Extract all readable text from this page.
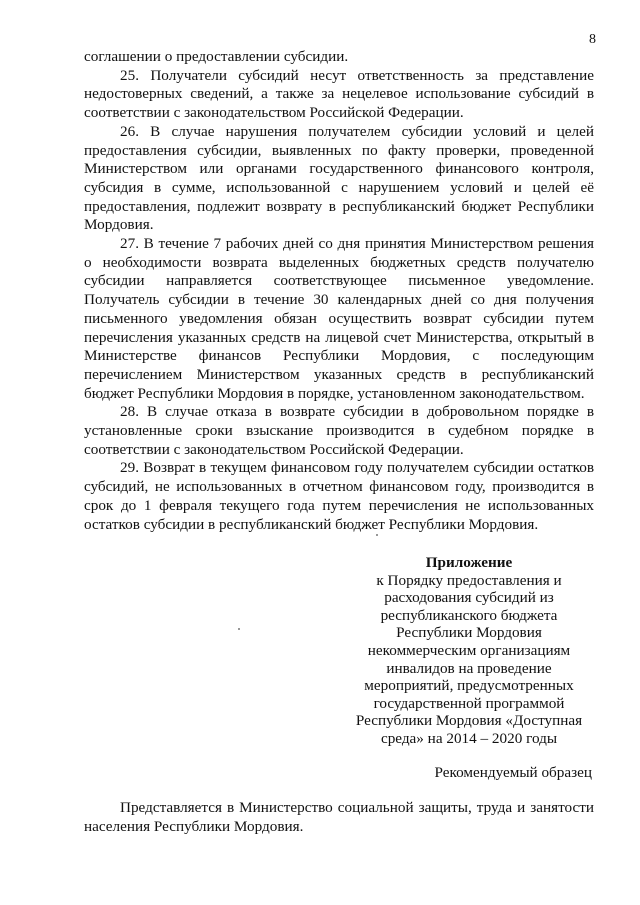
8

соглашении о предоставлении субсидии.

25. Получатели субсидий несут ответственность за представление недостоверных сведений, а также за нецелевое использование субсидий в соответствии с законодательством Российской Федерации.

26. В случае нарушения получателем субсидии условий и целей предоставления субсидии, выявленных по факту проверки, проведенной Министерством или органами государственного финансового контроля, субсидия в сумме, использованной с нарушением условий и целей её предоставления, подлежит возврату в республиканский бюджет Республики Мордовия.

27. В течение 7 рабочих дней со дня принятия Министерством решения о необходимости возврата выделенных бюджетных средств получателю субсидии направляется соответствующее письменное уведомление. Получатель субсидии в течение 30 календарных дней со дня получения письменного уведомления обязан осуществить возврат субсидии путем перечисления указанных средств на лицевой счет Министерства, открытый в Министерстве финансов Республики Мордовия, с последующим перечислением Министерством указанных средств в республиканский бюджет Республики Мордовия в порядке, установленном законодательством.

28. В случае отказа в возврате субсидии в добровольном порядке в установленные сроки взыскание производится в судебном порядке в соответствии с законодательством Российской Федерации.

29. Возврат в текущем финансовом году получателем субсидии остатков субсидий, не использованных в отчетном финансовом году, производится в срок до 1 февраля текущего года путем перечисления не использованных остатков субсидии в республиканский бюджет Республики Мордовия.

Приложение
к Порядку предоставления и
расходования субсидий из
республиканского бюджета
Республики Мордовия
некоммерческим организациям
инвалидов на проведение
мероприятий, предусмотренных
государственной программой
Республики Мордовия «Доступная
среда» на 2014 – 2020 годы
Рекомендуемый образец

Представляется в Министерство социальной защиты, труда и занятости населения Республики Мордовия.
